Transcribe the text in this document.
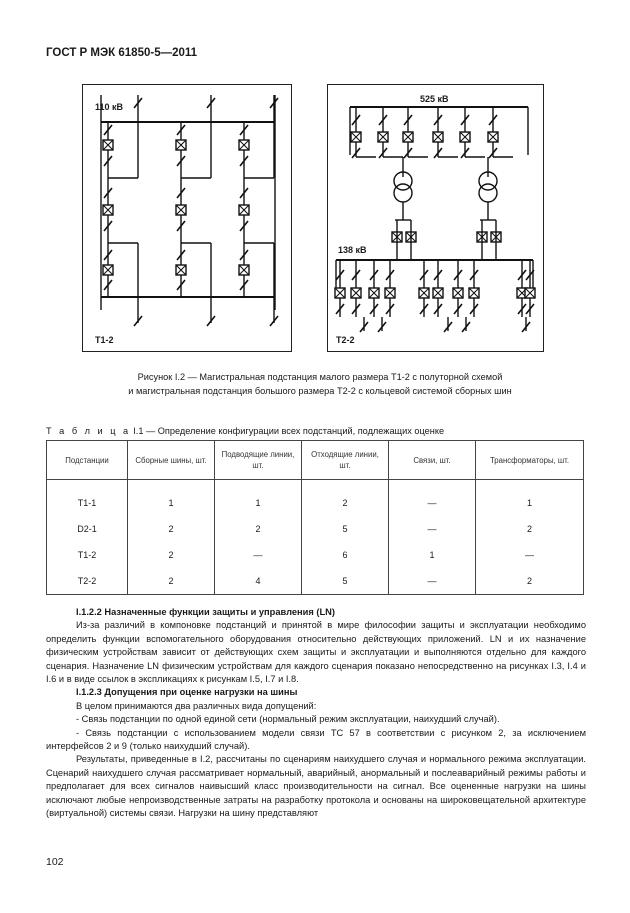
ГОСТ Р МЭК 61850-5—2011
110 кВ
Т1-2
525 кВ
138 кВ
Т2-2
Рисунок I.2 — Магистральная подстанция малого размера Т1-2 с полуторной схемой
и магистральная подстанция большого размера Т2-2 с кольцевой системой сборных шин
Т а б л и ц а I.1 — Определение конфигурации всех подстанций, подлежащих оценке
Подстанции	Сборные шины, шт.	Подводящие линии, шт.	Отходящие линии, шт.	Связи, шт.	Трансформаторы, шт.

Т1-1	1	1	2	—	1
D2-1	2	2	5	—	2
Т1-2	2	—	6	1	—
Т2-2	2	4	5	—	2

I.1.2.2 Назначенные функции защиты и управления (LN)

Из-за различий в компоновке подстанций и принятой в мире философии защиты и эксплуатации необходимо определить функции вспомогательного оборудования относительно действующих приложений. LN и их назначение физическим устройствам зависит от действующих схем защиты и эксплуатации и выполняются отдельно для каждого сценария. Назначение LN физическим устройствам для каждого сценария показано непосредственно на рисунках I.3, I.4 и I.6 и в виде ссылок в экспликациях к рисункам I.5, I.7 и I.8.

I.1.2.3 Допущения при оценке нагрузки на шины

В целом принимаются два различных вида допущений:

- Связь подстанции по одной единой сети (нормальный режим эксплуатации, наихудший случай).

- Связь подстанции с использованием модели связи ТС 57 в соответствии с рисунком 2, за исключением интерфейсов 2 и 9 (только наихудший случай).

Результаты, приведенные в I.2, рассчитаны по сценариям наихудшего случая и нормального режима эксплуатации. Сценарий наихудшего случая рассматривает нормальный, аварийный, анормальный и послеаварийный режимы работы и предполагает для всех сигналов наивысший класс производительности на сигнал. Все оцененные нагрузки на шины исключают любые непроизводственные затраты на разработку протокола и основаны на широковещательной архитектуре (виртуальной) системы связи. Нагрузки на шину представляют

102
